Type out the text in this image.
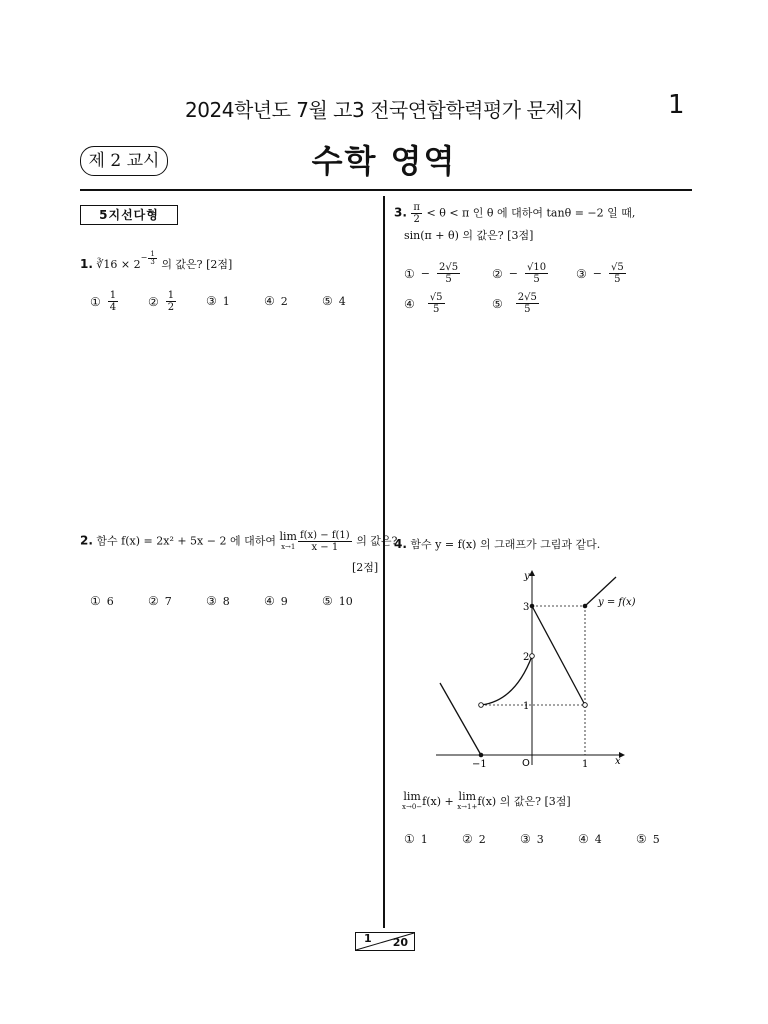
2024학년도 7월 고3 전국연합학력평가 문제지	1
제 2 교시	수학 영역
5지선다형
1. ∛16 × $2^{- \frac{1}{3}}$ 의 값은? [2점]
① $\frac{1}{4}$ ② $\frac{1}{2}$ ③ 1	④ 2	⑤ 4
2. 함수 f(x) = 2x² + 5x − 2 에 대하여 lim
$x\to 1 \frac{f(x) - f(1)}{x - 1}$ 의 값은?
[2점]
① 6	② 7	③ 8	④ 9	⑤ 10
3. $\frac{\pi}{2} < \theta < \pi$ 인 θ 에 대하여 tanθ = −2 일 때,
sin(π + θ) 의 값은? [3점]
① − $\frac{2√5}{5}$	② − $\frac{√10}{5}$ ③ − $\frac{√5}{5}$
④ $\frac{√5}{5}$	⑤ $\frac{2√5}{5}$
4. 함수 y = f(x) 의 그래프가 그림과 같다.
y
x
O
−1	1
1
2
3	y = f(x)
lim
x→0− f(x) + lim
x→1+ f(x) 의 값은? [3점]
① 1	② 2	③ 3	④ 4	⑤ 5
1 20
